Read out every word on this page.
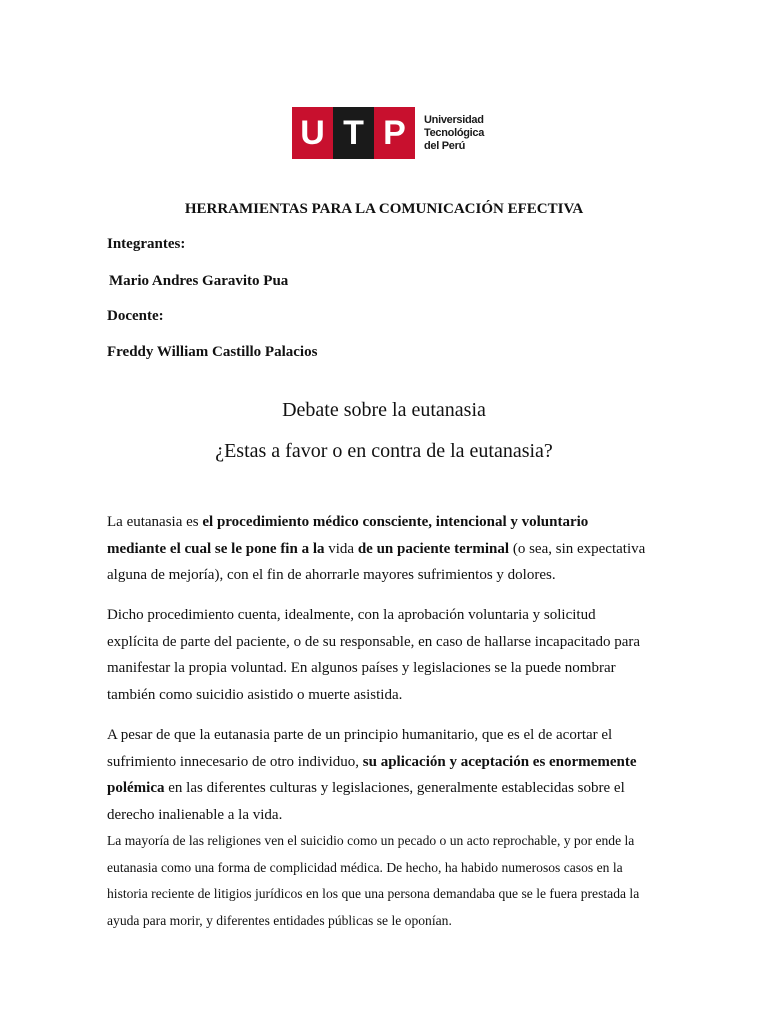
U T P	Universidad
Tecnológica
del Perú
HERRAMIENTAS PARA LA COMUNICACIÓN EFECTIVA
Integrantes:
Mario Andres Garavito Pua
Docente:
Freddy William Castillo Palacios
Debate sobre la eutanasia
¿Estas a favor o en contra de la eutanasia?

La eutanasia es el procedimiento médico consciente, intencional y voluntario mediante el cual se le pone fin a la vida de un paciente terminal (o sea, sin expectativa alguna de mejoría), con el fin de ahorrarle mayores sufrimientos y dolores.

Dicho procedimiento cuenta, idealmente, con la aprobación voluntaria y solicitud explícita de parte del paciente, o de su responsable, en caso de hallarse incapacitado para manifestar la propia voluntad. En algunos países y legislaciones se la puede nombrar también como suicidio asistido o muerte asistida.

A pesar de que la eutanasia parte de un principio humanitario, que es el de acortar el sufrimiento innecesario de otro individuo, su aplicación y aceptación es enormemente polémica en las diferentes culturas y legislaciones, generalmente establecidas sobre el derecho inalienable a la vida.

La mayoría de las religiones ven el suicidio como un pecado o un acto reprochable, y por ende la eutanasia como una forma de complicidad médica. De hecho, ha habido numerosos casos en la historia reciente de litigios jurídicos en los que una persona demandaba que se le fuera prestada la ayuda para morir, y diferentes entidades públicas se le oponían.
